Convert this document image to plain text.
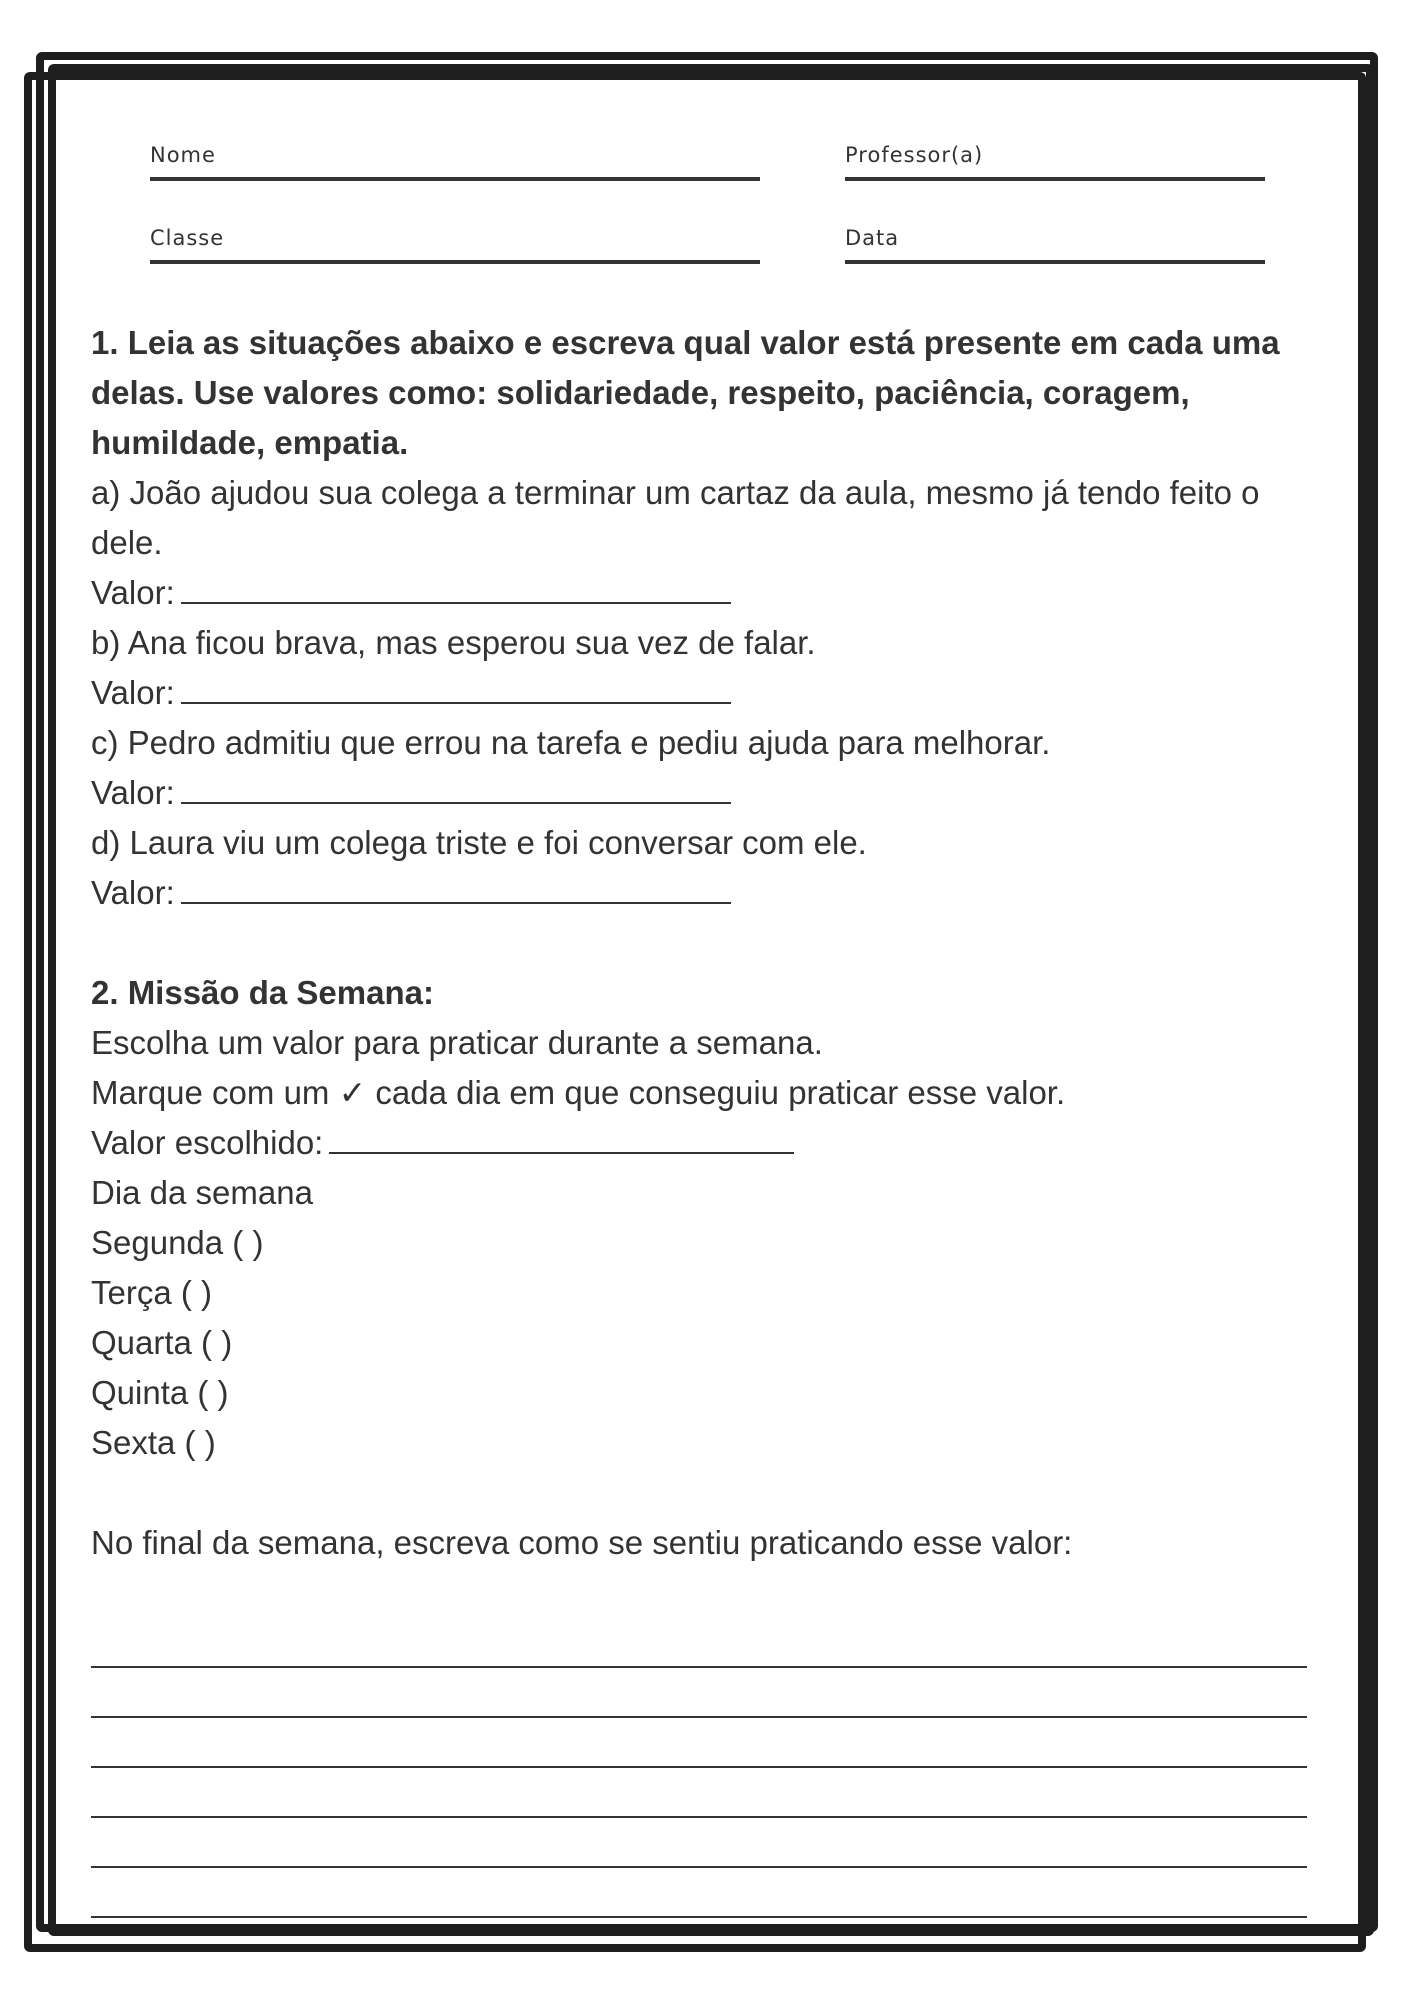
Nome	Professor(a)
Classe	Data
1. Leia as situações abaixo e escreva qual valor está presente em cada uma
delas. Use valores como: solidariedade, respeito, paciência, coragem,
humildade, empatia.
a) João ajudou sua colega a terminar um cartaz da aula, mesmo já tendo feito o
dele.
Valor:
b) Ana ficou brava, mas esperou sua vez de falar.
Valor:
c) Pedro admitiu que errou na tarefa e pediu ajuda para melhorar.
Valor:
d) Laura viu um colega triste e foi conversar com ele.
Valor:
2. Missão da Semana:
Escolha um valor para praticar durante a semana.
Marque com um ✓ cada dia em que conseguiu praticar esse valor.
Valor escolhido:
Dia da semana
Segunda ( )
Terça ( )
Quarta ( )
Quinta ( )
Sexta ( )
No final da semana, escreva como se sentiu praticando esse valor:
